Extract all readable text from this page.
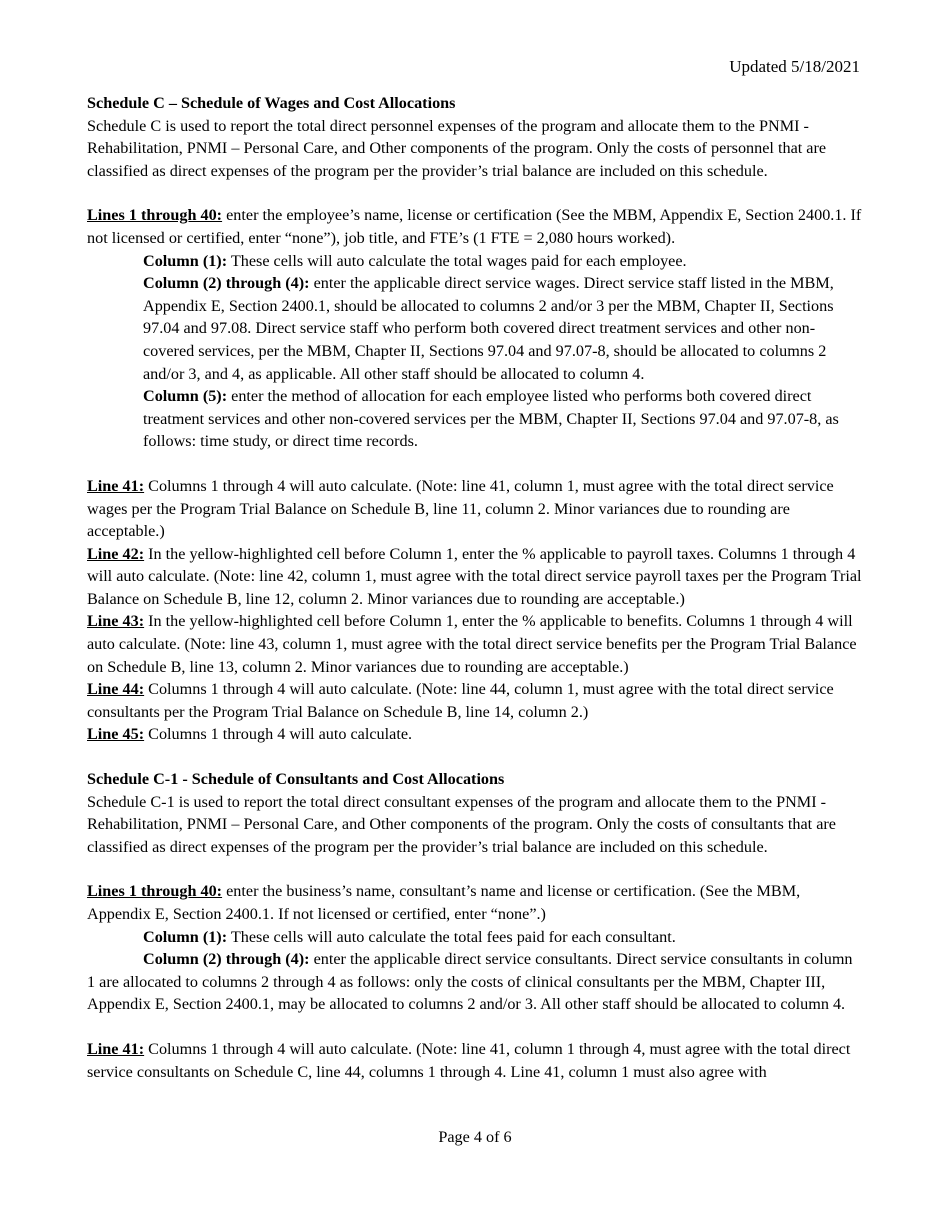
Updated 5/18/2021
Schedule C – Schedule of Wages and Cost Allocations
Schedule C is used to report the total direct personnel expenses of the program and allocate them to the PNMI - Rehabilitation, PNMI – Personal Care, and Other components of the program. Only the costs of personnel that are classified as direct expenses of the program per the provider’s trial balance are included on this schedule.
Lines 1 through 40: enter the employee’s name, license or certification (See the MBM, Appendix E, Section 2400.1. If not licensed or certified, enter “none”), job title, and FTE’s (1 FTE = 2,080 hours worked).
Column (1): These cells will auto calculate the total wages paid for each employee.
Column (2) through (4): enter the applicable direct service wages. Direct service staff listed in the MBM, Appendix E, Section 2400.1, should be allocated to columns 2 and/or 3 per the MBM, Chapter II, Sections 97.04 and 97.08. Direct service staff who perform both covered direct treatment services and other non-covered services, per the MBM, Chapter II, Sections 97.04 and 97.07-8, should be allocated to columns 2 and/or 3, and 4, as applicable. All other staff should be allocated to column 4.
Column (5): enter the method of allocation for each employee listed who performs both covered direct treatment services and other non-covered services per the MBM, Chapter II, Sections 97.04 and 97.07-8, as follows: time study, or direct time records.
Line 41: Columns 1 through 4 will auto calculate. (Note: line 41, column 1, must agree with the total direct service wages per the Program Trial Balance on Schedule B, line 11, column 2. Minor variances due to rounding are acceptable.)
Line 42: In the yellow-highlighted cell before Column 1, enter the % applicable to payroll taxes. Columns 1 through 4 will auto calculate. (Note: line 42, column 1, must agree with the total direct service payroll taxes per the Program Trial Balance on Schedule B, line 12, column 2. Minor variances due to rounding are acceptable.)
Line 43: In the yellow-highlighted cell before Column 1, enter the % applicable to benefits. Columns 1 through 4 will auto calculate. (Note: line 43, column 1, must agree with the total direct service benefits per the Program Trial Balance on Schedule B, line 13, column 2. Minor variances due to rounding are acceptable.)
Line 44: Columns 1 through 4 will auto calculate. (Note: line 44, column 1, must agree with the total direct service consultants per the Program Trial Balance on Schedule B, line 14, column 2.)
Line 45: Columns 1 through 4 will auto calculate.
Schedule C-1 - Schedule of Consultants and Cost Allocations
Schedule C-1 is used to report the total direct consultant expenses of the program and allocate them to the PNMI -Rehabilitation, PNMI – Personal Care, and Other components of the program. Only the costs of consultants that are classified as direct expenses of the program per the provider’s trial balance are included on this schedule.
Lines 1 through 40: enter the business’s name, consultant’s name and license or certification. (See the MBM, Appendix E, Section 2400.1. If not licensed or certified, enter “none”.)
Column (1): These cells will auto calculate the total fees paid for each consultant.
Column (2) through (4): enter the applicable direct service consultants. Direct service consultants in column 1 are allocated to columns 2 through 4 as follows: only the costs of clinical consultants per the MBM, Chapter III, Appendix E, Section 2400.1, may be allocated to columns 2 and/or 3. All other staff should be allocated to column 4.
Line 41: Columns 1 through 4 will auto calculate. (Note: line 41, column 1 through 4, must agree with the total direct service consultants on Schedule C, line 44, columns 1 through 4. Line 41, column 1 must also agree with
Page 4 of 6
